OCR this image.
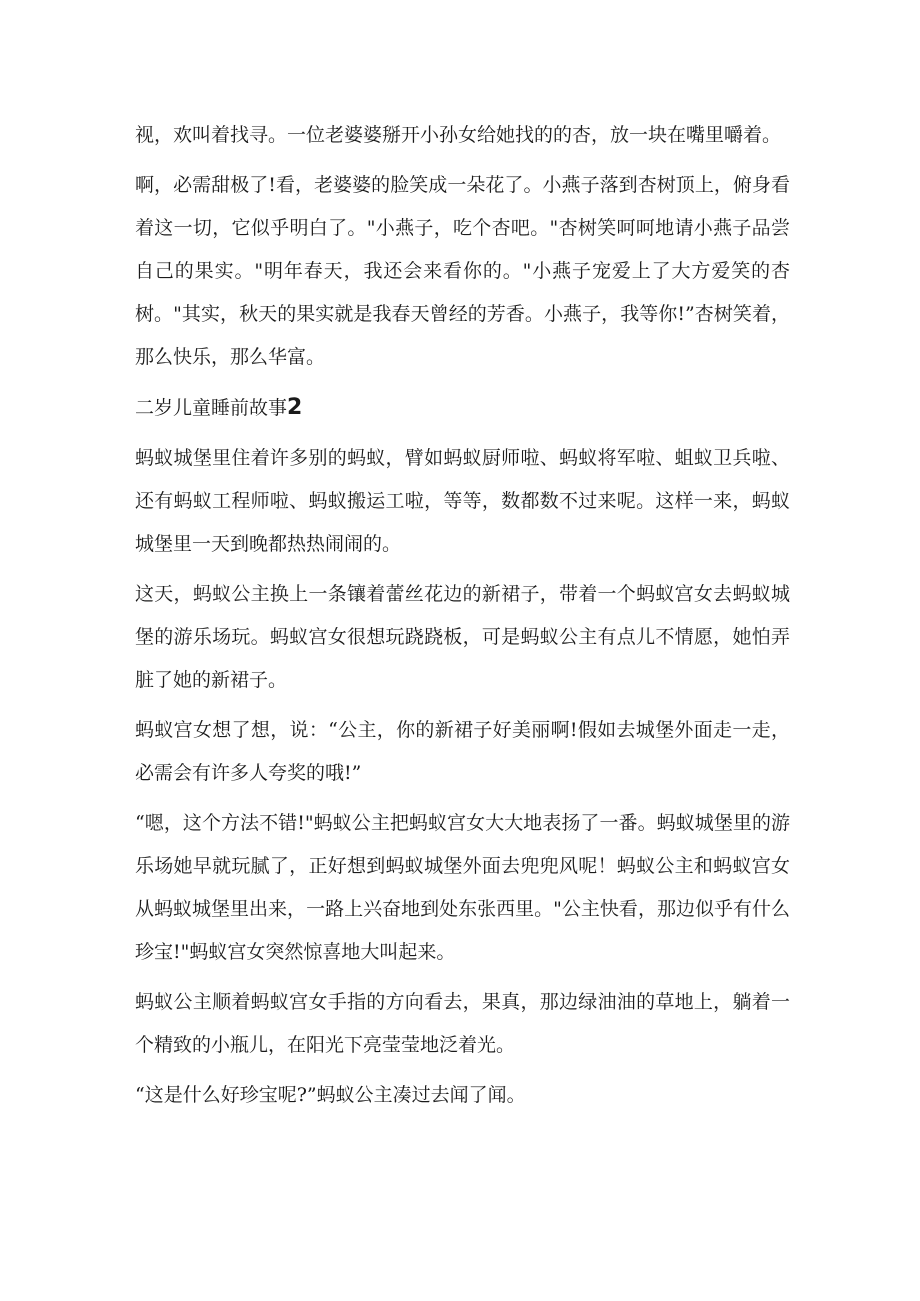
视，欢叫着找寻。一位老婆婆掰开小孙女给她找的的杏，放一块在嘴里嚼着。

啊，必需甜极了!看，老婆婆的脸笑成一朵花了。小燕子落到杏树顶上，俯身看着这一切，它似乎明白了。"小燕子，吃个杏吧。"杏树笑呵呵地请小燕子品尝自己的果实。"明年春天，我还会来看你的。"小燕子宠爱上了大方爱笑的杏树。"其实，秋天的果实就是我春天曾经的芳香。小燕子，我等你!”杏树笑着，那么快乐，那么华富。

二岁儿童睡前故事2

蚂蚁城堡里住着许多别的蚂蚁，臂如蚂蚁厨师啦、蚂蚁将军啦、蛆蚁卫兵啦、还有蚂蚁工程师啦、蚂蚁搬运工啦，等等，数都数不过来呢。这样一来，蚂蚁城堡里一天到晚都热热闹闹的。

这天，蚂蚁公主换上一条镶着蕾丝花边的新裙子，带着一个蚂蚁宫女去蚂蚁城堡的游乐场玩。蚂蚁宫女很想玩跷跷板，可是蚂蚁公主有点儿不情愿，她怕弄脏了她的新裙子。

蚂蚁宫女想了想，说：“公主，你的新裙子好美丽啊!假如去城堡外面走一走，必需会有许多人夸奖的哦!”

“嗯，这个方法不错!"蚂蚁公主把蚂蚁宫女大大地表扬了一番。蚂蚁城堡里的游乐场她早就玩腻了，正好想到蚂蚁城堡外面去兜兜风呢！蚂蚁公主和蚂蚁宫女从蚂蚁城堡里出来，一路上兴奋地到处东张西里。"公主快看，那边似乎有什么珍宝!"蚂蚁宫女突然惊喜地大叫起来。

蚂蚁公主顺着蚂蚁宫女手指的方向看去，果真，那边绿油油的草地上，躺着一个精致的小瓶儿，在阳光下亮莹莹地泛着光。

“这是什么好珍宝呢?”蚂蚁公主凑过去闻了闻。
